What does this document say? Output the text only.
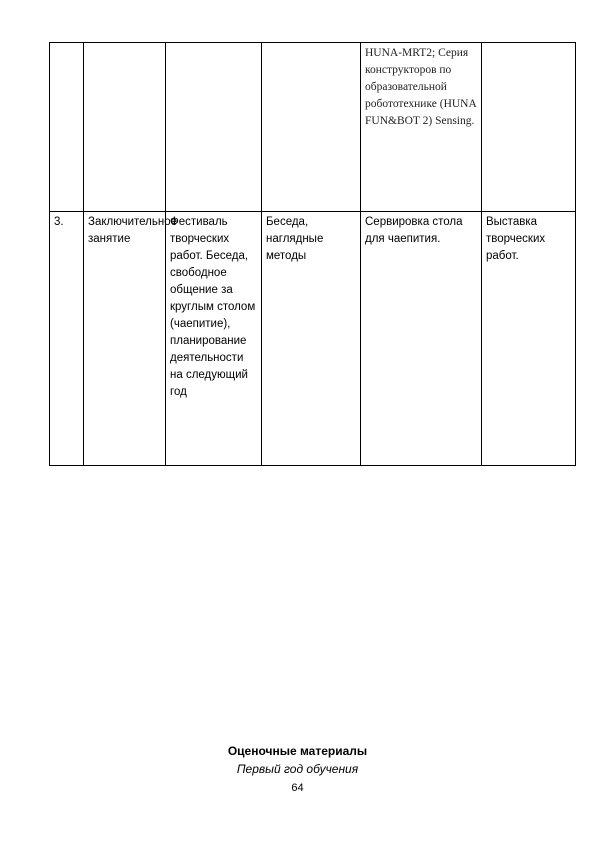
				HUNA-MRT2; Серия конструкторов по образовательной робототехнике (HUNA FUN&BOT 2) Sensing.	
3.	Заключительное занятие	Фестиваль творческих работ. Беседа, свободное общение за круглым столом (чаепитие), планирование деятельности на следующий год	Беседа, наглядные методы	Сервировка стола для чаепития.	Выставка творческих работ.
Оценочные материалы
Первый год обучения
64
